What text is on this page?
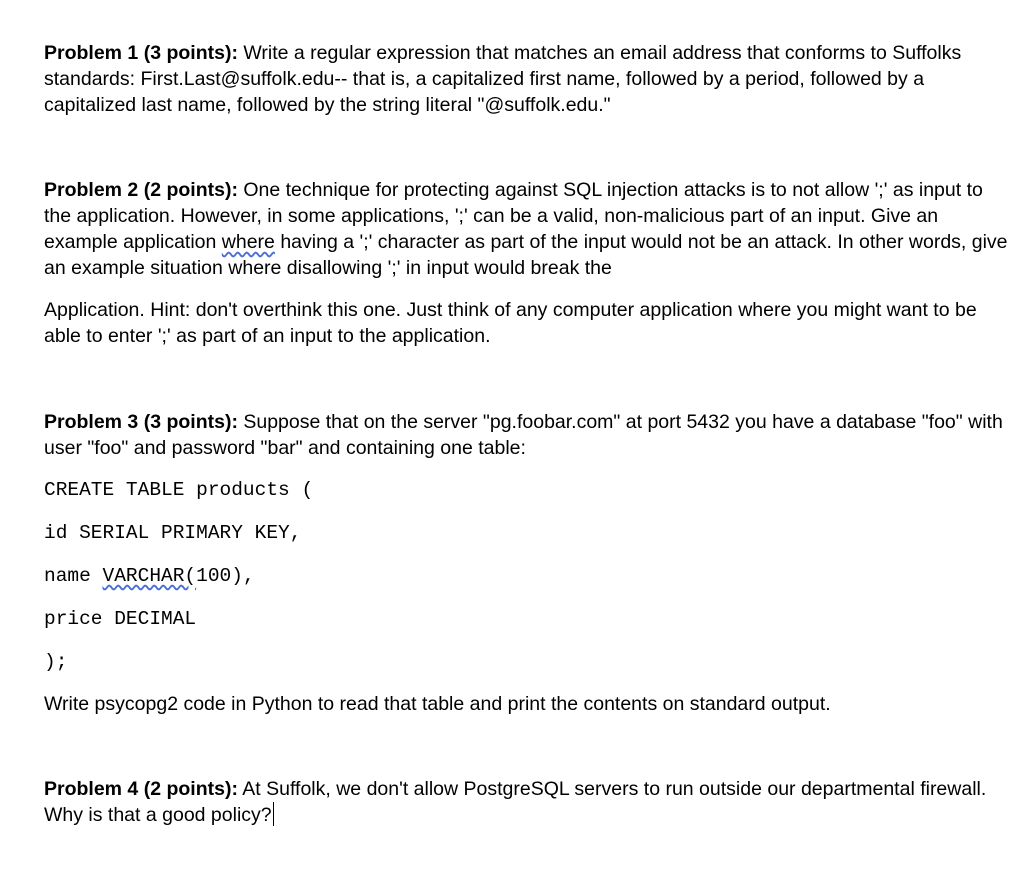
Problem 1 (3 points): Write a regular expression that matches an email address that conforms to Suffolks standards: First.Last@suffolk.edu-- that is, a capitalized first name, followed by a period, followed by a capitalized last name, followed by the string literal "@suffolk.edu."

Problem 2 (2 points): One technique for protecting against SQL injection attacks is to not allow ';' as input to the application. However, in some applications, ';' can be a valid, non-malicious part of an input. Give an example application where having a ';' character as part of the input would not be an attack. In other words, give an example situation where disallowing ';' in input would break the

Application. Hint: don't overthink this one. Just think of any computer application where you might want to be able to enter ';' as part of an input to the application.

Problem 3 (3 points): Suppose that on the server "pg.foobar.com" at port 5432 you have a database "foo" with user "foo" and password "bar" and containing one table:

CREATE TABLE products (

id SERIAL PRIMARY KEY,

name VARCHAR(100),

price DECIMAL

);

Write psycopg2 code in Python to read that table and print the contents on standard output.

Problem 4 (2 points): At Suffolk, we don't allow PostgreSQL servers to run outside our departmental firewall. Why is that a good policy?
